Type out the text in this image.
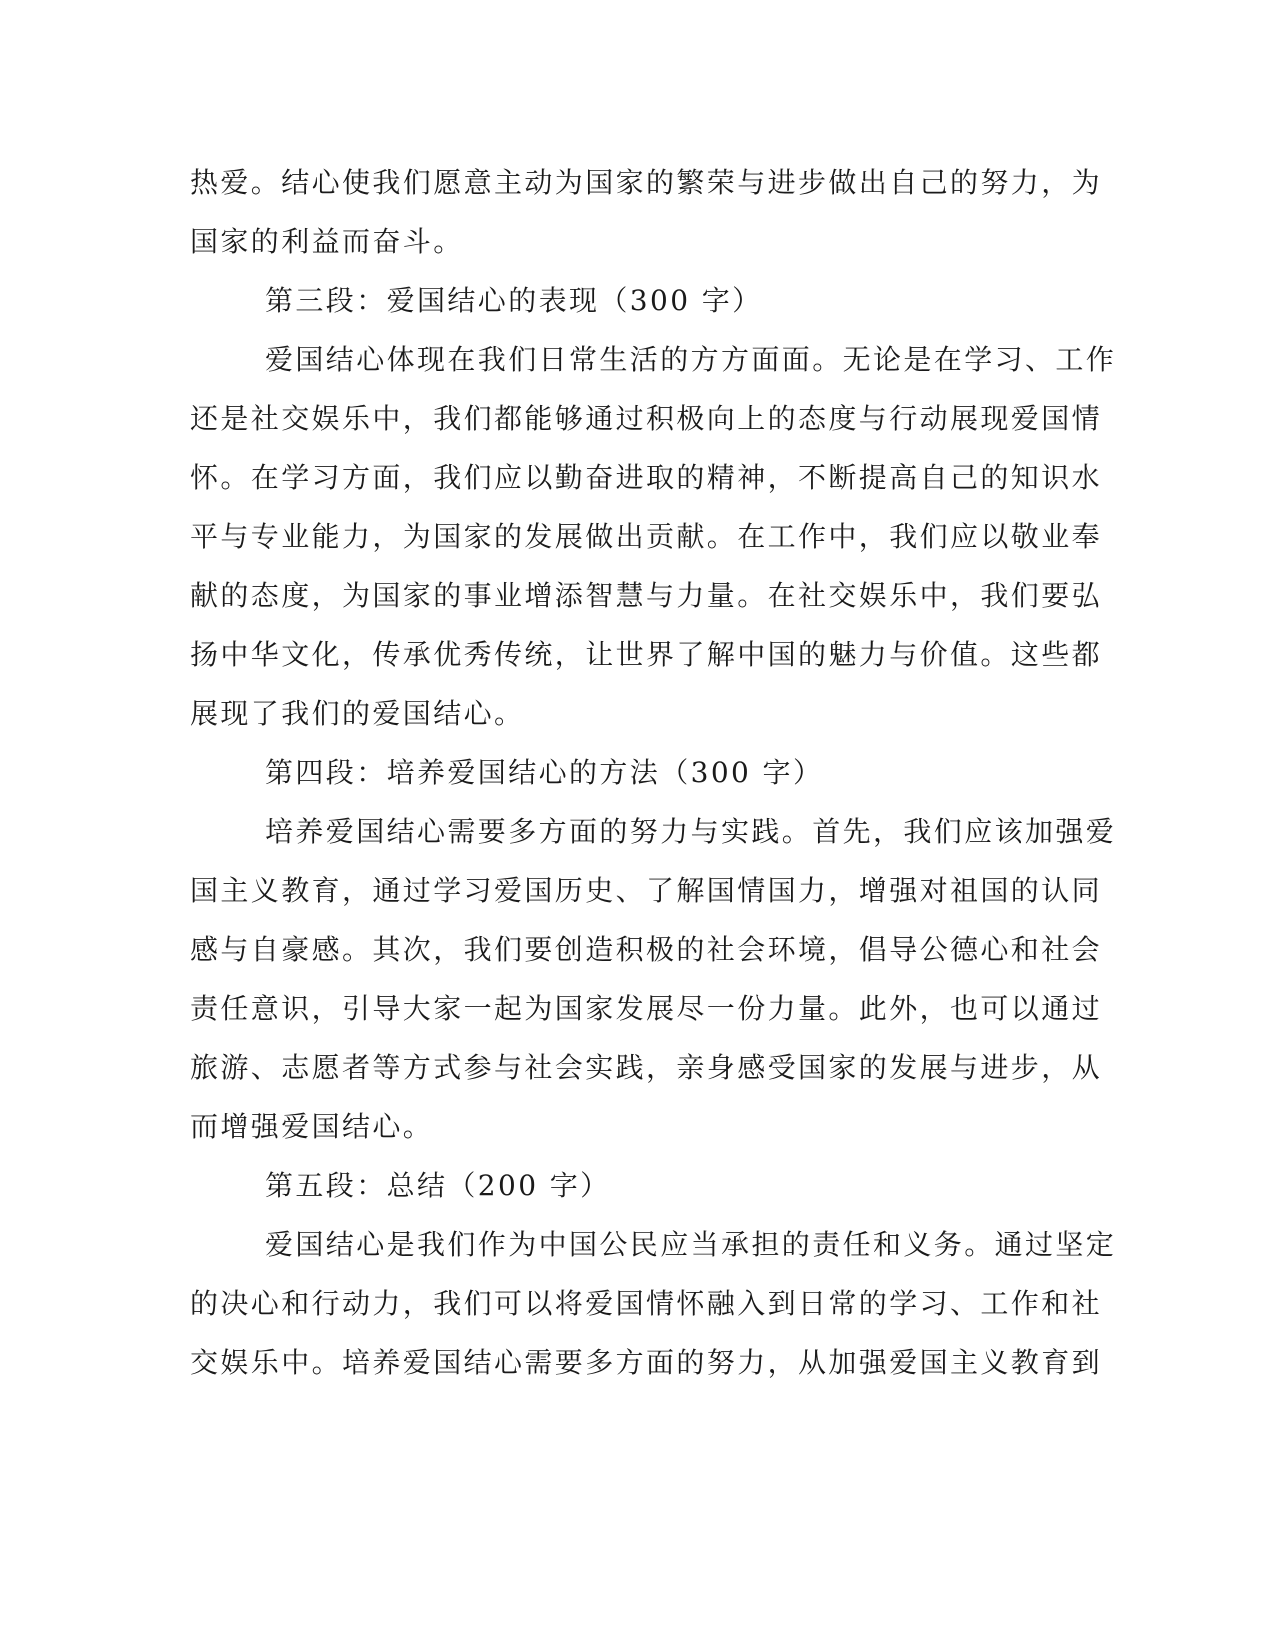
热爱。结心使我们愿意主动为国家的繁荣与进步做出自己的努力，为
国家的利益而奋斗。
第三段：爱国结心的表现（300 字）
爱国结心体现在我们日常生活的方方面面。无论是在学习、工作
还是社交娱乐中，我们都能够通过积极向上的态度与行动展现爱国情
怀。在学习方面，我们应以勤奋进取的精神，不断提高自己的知识水
平与专业能力，为国家的发展做出贡献。在工作中，我们应以敬业奉
献的态度，为国家的事业增添智慧与力量。在社交娱乐中，我们要弘
扬中华文化，传承优秀传统，让世界了解中国的魅力与价值。这些都
展现了我们的爱国结心。
第四段：培养爱国结心的方法（300 字）
培养爱国结心需要多方面的努力与实践。首先，我们应该加强爱
国主义教育，通过学习爱国历史、了解国情国力，增强对祖国的认同
感与自豪感。其次，我们要创造积极的社会环境，倡导公德心和社会
责任意识，引导大家一起为国家发展尽一份力量。此外，也可以通过
旅游、志愿者等方式参与社会实践，亲身感受国家的发展与进步，从
而增强爱国结心。
第五段：总结（200 字）
爱国结心是我们作为中国公民应当承担的责任和义务。通过坚定
的决心和行动力，我们可以将爱国情怀融入到日常的学习、工作和社
交娱乐中。培养爱国结心需要多方面的努力，从加强爱国主义教育到
